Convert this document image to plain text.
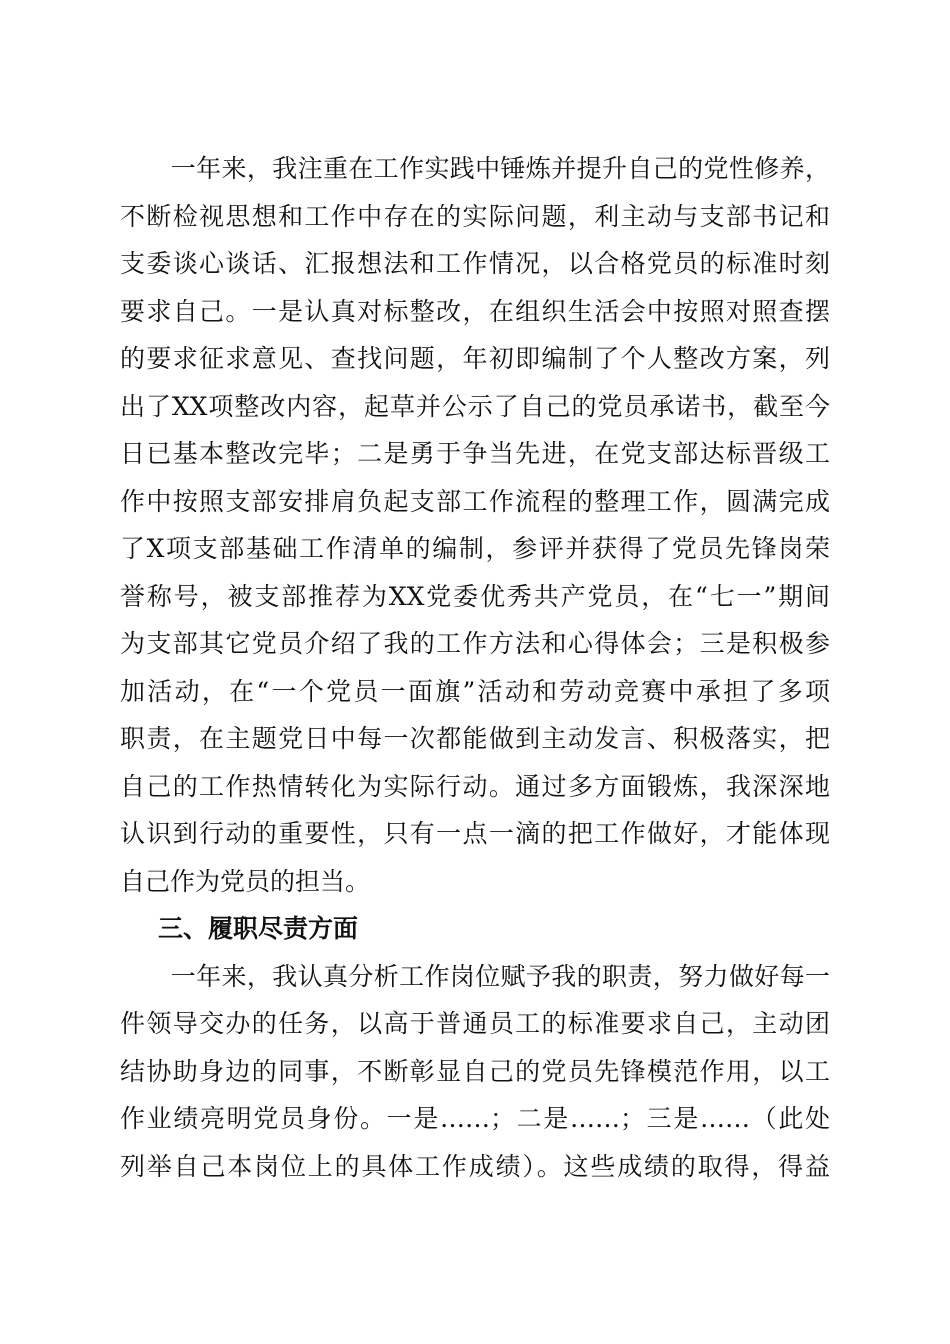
　　一年来，我注重在工作实践中锤炼并提升自己的党性修养，
不断检视思想和工作中存在的实际问题，利主动与支部书记和
支委谈心谈话、汇报想法和工作情况，以合格党员的标准时刻
要求自己。一是认真对标整改，在组织生活会中按照对照查摆
的要求征求意见、查找问题，年初即编制了个人整改方案，列
出了XX项整改内容，起草并公示了自己的党员承诺书，截至今
日已基本整改完毕；二是勇于争当先进，在党支部达标晋级工
作中按照支部安排肩负起支部工作流程的整理工作，圆满完成
了X项支部基础工作清单的编制，参评并获得了党员先锋岗荣
誉称号，被支部推荐为XX党委优秀共产党员，在“七一”期间
为支部其它党员介绍了我的工作方法和心得体会；三是积极参
加活动，在“一个党员一面旗”活动和劳动竞赛中承担了多项
职责，在主题党日中每一次都能做到主动发言、积极落实，把
自己的工作热情转化为实际行动。通过多方面锻炼，我深深地
认识到行动的重要性，只有一点一滴的把工作做好，才能体现
自己作为党员的担当。
三、履职尽责方面
　　一年来，我认真分析工作岗位赋予我的职责，努力做好每一
件领导交办的任务，以高于普通员工的标准要求自己，主动团
结协助身边的同事，不断彰显自己的党员先锋模范作用，以工
作业绩亮明党员身份。一是……；二是……；三是……（此处
列举自己本岗位上的具体工作成绩）。这些成绩的取得，得益
